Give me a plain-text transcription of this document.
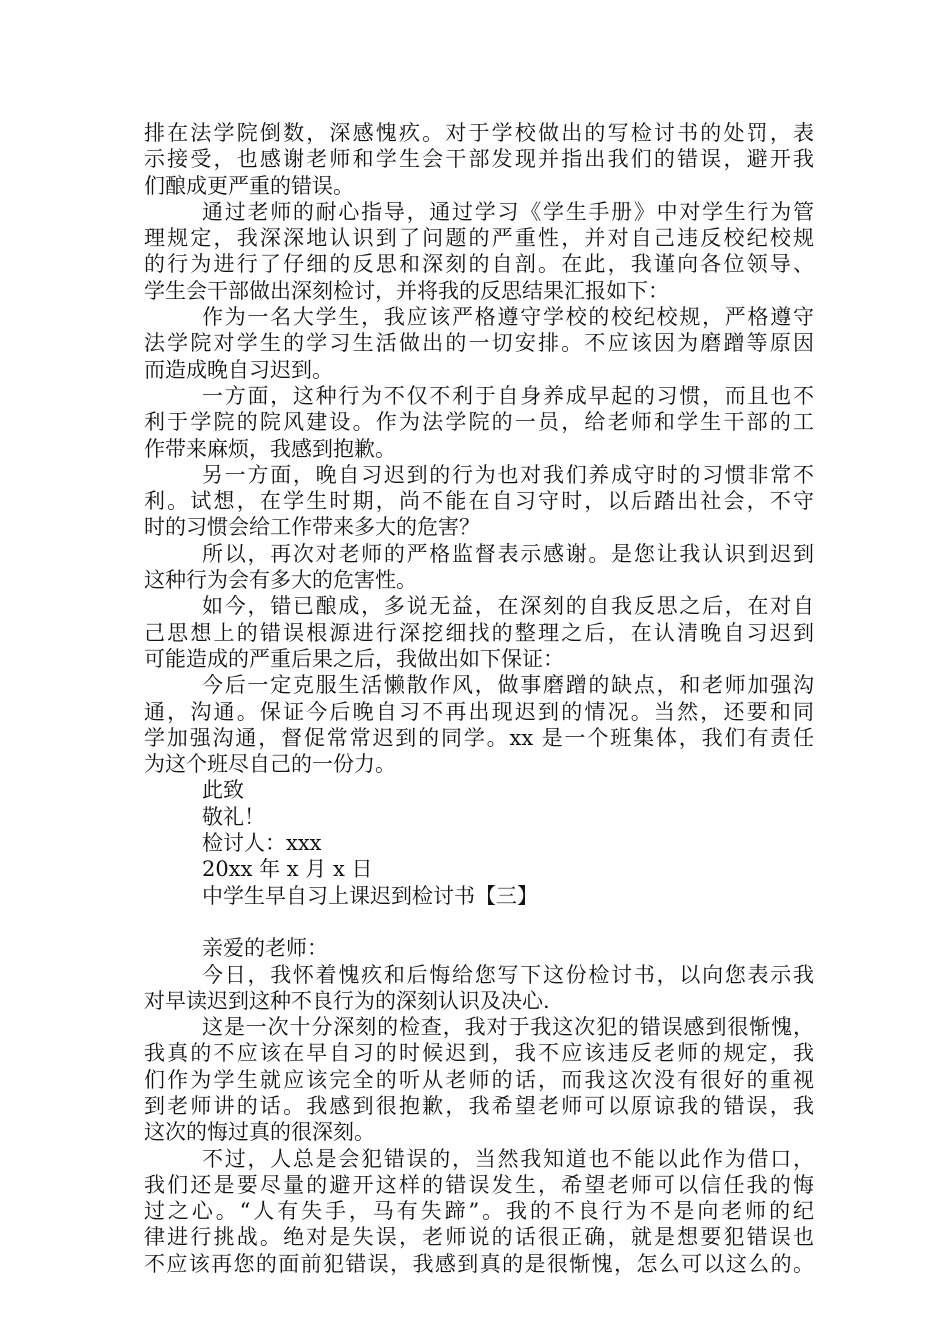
排在法学院倒数，深感愧疚。对于学校做出的写检讨书的处罚，表
示接受，也感谢老师和学生会干部发现并指出我们的错误，避开我
们酿成更严重的错误。
通过老师的耐心指导，通过学习《学生手册》中对学生行为管
理规定，我深深地认识到了问题的严重性，并对自己违反校纪校规
的行为进行了仔细的反思和深刻的自剖。在此，我谨向各位领导、
学生会干部做出深刻检讨，并将我的反思结果汇报如下：
作为一名大学生，我应该严格遵守学校的校纪校规，严格遵守
法学院对学生的学习生活做出的一切安排。不应该因为磨蹭等原因
而造成晚自习迟到。
一方面，这种行为不仅不利于自身养成早起的习惯，而且也不
利于学院的院风建设。作为法学院的一员，给老师和学生干部的工
作带来麻烦，我感到抱歉。
另一方面，晚自习迟到的行为也对我们养成守时的习惯非常不
利。试想，在学生时期，尚不能在自习守时，以后踏出社会，不守
时的习惯会给工作带来多大的危害？
所以，再次对老师的严格监督表示感谢。是您让我认识到迟到
这种行为会有多大的危害性。
如今，错已酿成，多说无益，在深刻的自我反思之后，在对自
己思想上的错误根源进行深挖细找的整理之后，在认清晚自习迟到
可能造成的严重后果之后，我做出如下保证：
今后一定克服生活懒散作风，做事磨蹭的缺点，和老师加强沟
通，沟通。保证今后晚自习不再出现迟到的情况。当然，还要和同
学加强沟通，督促常常迟到的同学。xx 是一个班集体，我们有责任
为这个班尽自己的一份力。
此致
敬礼！
检讨人：xxx
20xx 年 x 月 x 日
中学生早自习上课迟到检讨书【三】
亲爱的老师：
今日，我怀着愧疚和后悔给您写下这份检讨书，以向您表示我
对早读迟到这种不良行为的深刻认识及决心.
这是一次十分深刻的检查，我对于我这次犯的错误感到很惭愧，
我真的不应该在早自习的时候迟到，我不应该违反老师的规定，我
们作为学生就应该完全的听从老师的话，而我这次没有很好的重视
到老师讲的话。我感到很抱歉，我希望老师可以原谅我的错误，我
这次的悔过真的很深刻。
不过，人总是会犯错误的，当然我知道也不能以此作为借口，
我们还是要尽量的避开这样的错误发生，希望老师可以信任我的悔
过之心。“人有失手，马有失蹄”。我的不良行为不是向老师的纪
律进行挑战。绝对是失误，老师说的话很正确，就是想要犯错误也
不应该再您的面前犯错误，我感到真的是很惭愧，怎么可以这么的。
